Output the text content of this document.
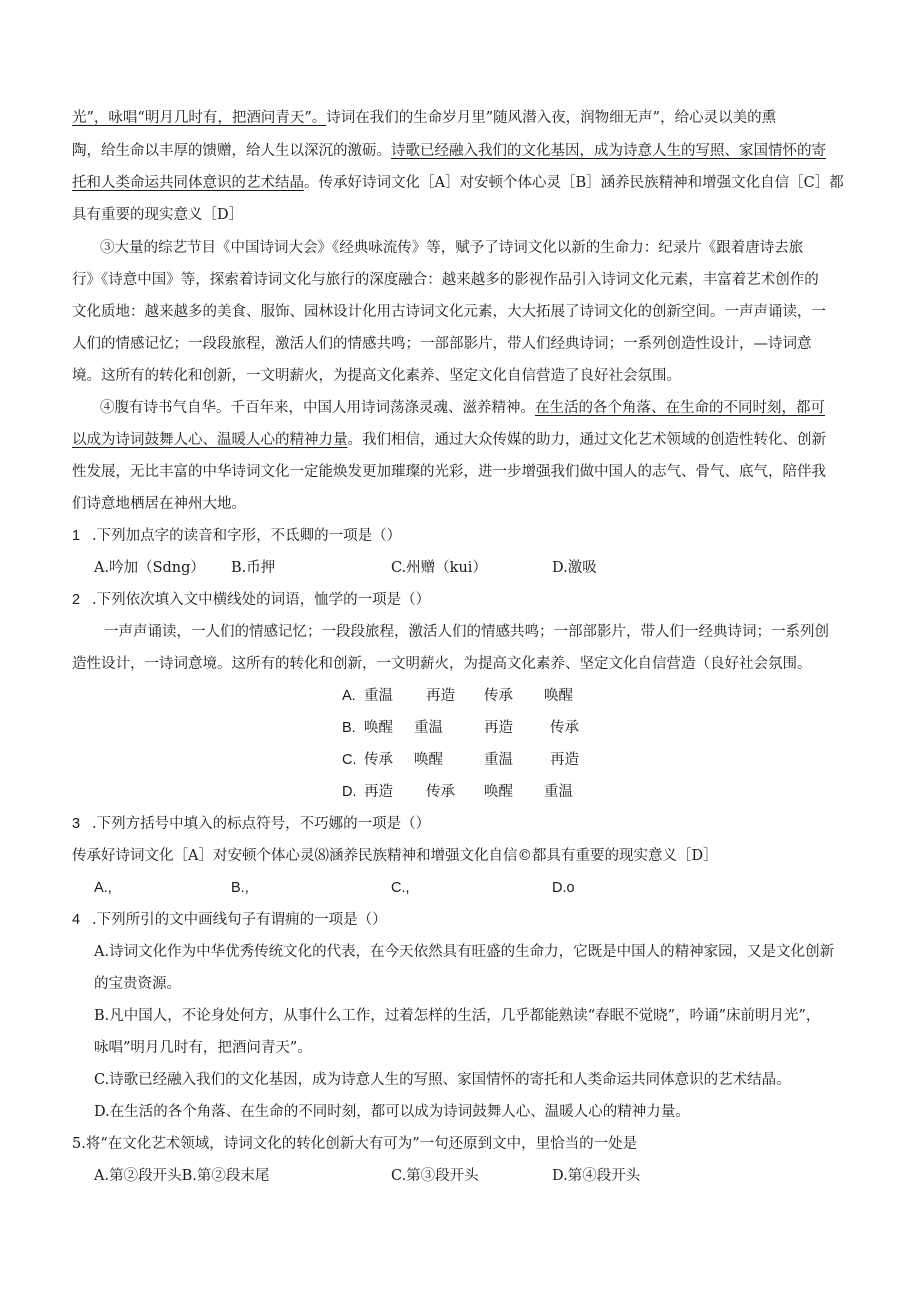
光”，咏唱“明月几时有，把酒问青天”。诗词在我们的生命岁月里”随风潜入夜，润物细无声”，给心灵以美的熏
陶，给生命以丰厚的馈赠，给人生以深沉的激砺。诗歌已经融入我们的文化基因，成为诗意人生的写照、家国情怀的寄
托和人类命运共同体意识的艺术结晶。传承好诗词文化［A］对安顿个体心灵［B］涵养民族精神和增强文化自信［C］都
具有重要的现实意义［D］
③大量的综艺节目《中国诗词大会》《经典咏流传》等，赋予了诗词文化以新的生命力：纪录片《跟着唐诗去旅
行》《诗意中国》等，探索着诗词文化与旅行的深度融合：越来越多的影视作品引入诗词文化元素，丰富着艺术创作的
文化质地：越来越多的美食、服饰、园林设计化用古诗词文化元素，大大拓展了诗词文化的创新空间。一声声诵读，一
人们的情感记忆；一段段旅程，激活人们的情感共鸣；一部部影片，带人们经典诗词；一系列创造性设计，—诗词意
境。这所有的转化和创新，一文明薪火，为提高文化素养、坚定文化自信营造了良好社会氛围。
④腹有诗书气自华。千百年来，中国人用诗词荡涤灵魂、滋养精神。在生活的各个角落、在生命的不同时刻，都可
以成为诗词鼓舞人心、温暖人心的精神力量。我们相信，通过大众传媒的助力，通过文化艺术领域的创造性转化、创新
性发展，无比丰富的中华诗词文化一定能焕发更加璀璨的光彩，进一步增强我们做中国人的志气、骨气、底气，陪伴我
们诗意地栖居在神州大地。
1 .下列加点字的读音和字形，不氐卿的一项是（）
A.吟加（Sdng） B.币押	C.州赠（kui）	D.激吸
2 .下列依次填入文中横线处的词语，恤学的一项是（）
一声声诵读，一人们的情感记忆；一段段旅程，激活人们的情感共鸣；一部部影片，带人们一经典诗词；一系列创
造性设计，一诗词意境。这所有的转化和创新，一文明薪火，为提高文化素养、坚定文化自信营造（良好社会氛围。
A. 重温 再造 传承 唤醒
B. 唤醒 重温	再造	传承
C. 传承 唤醒	重温	再造
D. 再造 传承 唤醒 重温
3 .下列方括号中填入的标点符号，不巧娜的一项是（）
传承好诗词文化［A］对安顿个体心灵⑻涵养民族精神和增强文化自信©都具有重要的现实意义［D］
A.,	B.,	C.,	D.o
4 .下列所引的文中画线句子有谓痈的一项是（）
A.诗词文化作为中华优秀传统文化的代表，在今天依然具有旺盛的生命力，它既是中国人的精神家园，又是文化创新
的宝贵资源。
B.凡中国人，不论身处何方，从事什么工作，过着怎样的生活，几乎都能熟读“春眠不觉晓”，吟诵”床前明月光”，
咏唱”明月几时有，把酒问青天”。
C.诗歌已经融入我们的文化基因，成为诗意人生的写照、家国情怀的寄托和人类命运共同体意识的艺术结晶。
D.在生活的各个角落、在生命的不同时刻，都可以成为诗词鼓舞人心、温暖人心的精神力量。
5.将“在文化艺术领域，诗词文化的转化创新大有可为”一句还原到文中，里恰当的一处是
A.第②段开头B.第②段末尾	C.第③段开头	D.第④段开头
